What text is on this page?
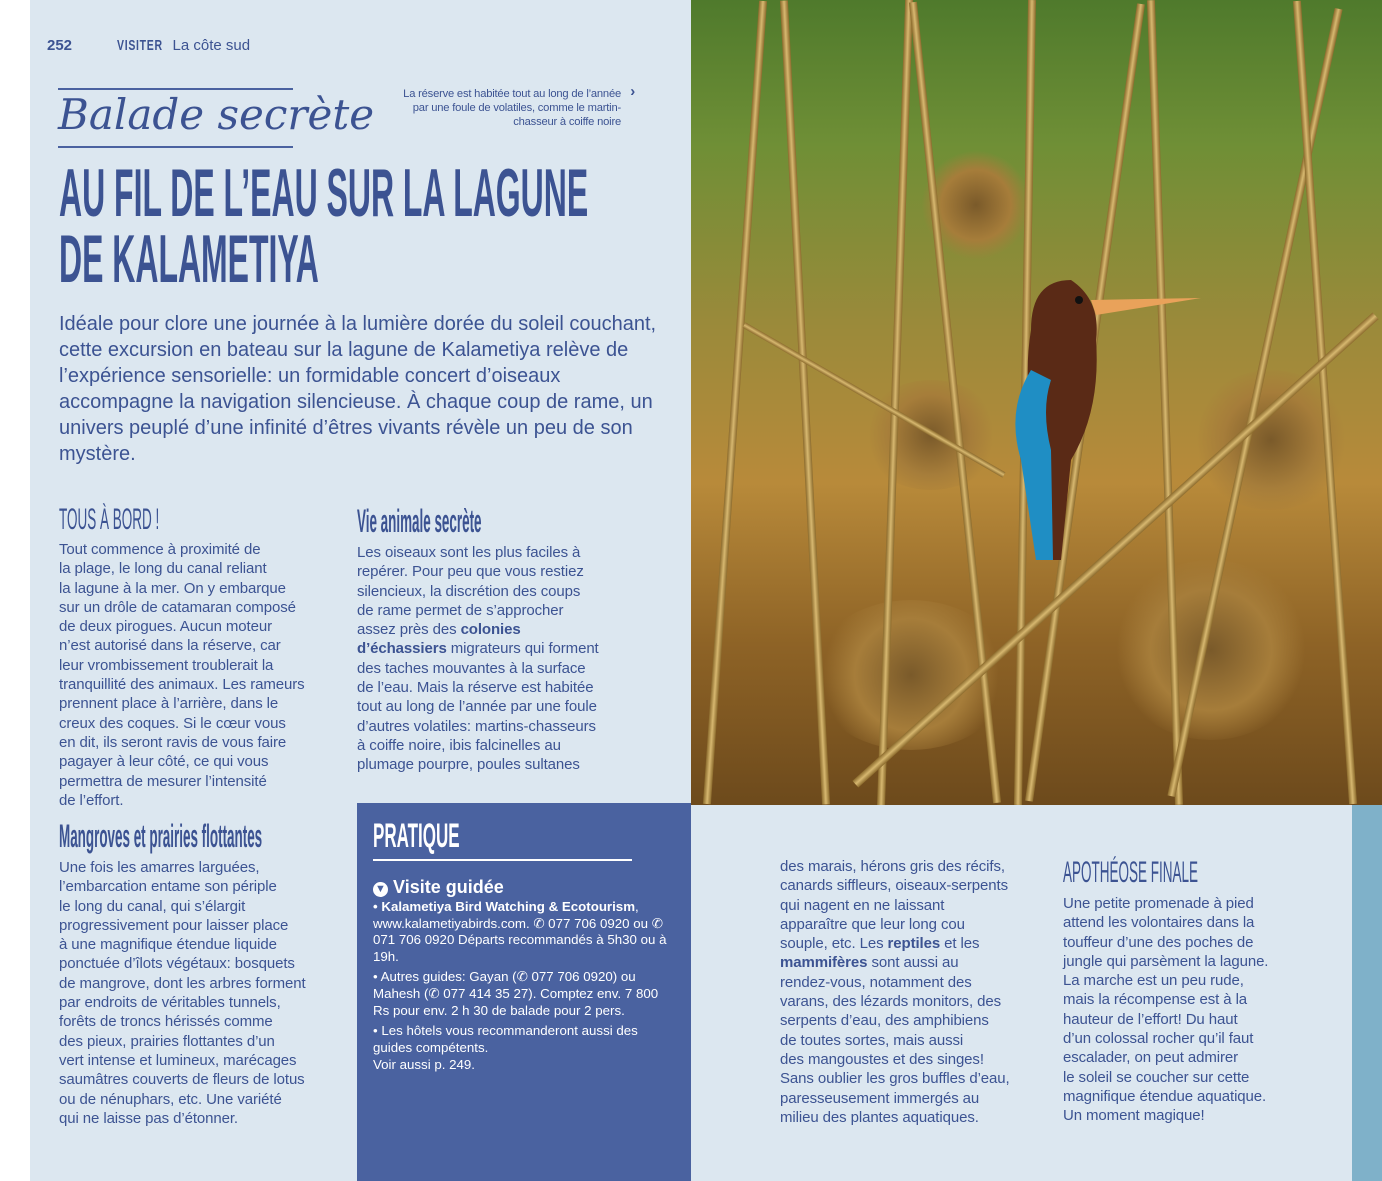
252	VISITER La côte sud
Balade secrète	La réserve est habitée tout au long de l’année par une foule de volatiles, comme le martin-chasseur à coiffe noire
›
AU FIL DE L’EAU SUR LA LAGUNE
DE KALAMETIYA
Idéale pour clore une journée à la lumière dorée du soleil couchant, cette excursion en bateau sur la lagune de Kalametiya relève de l’expérience sensorielle: un formidable concert d’oiseaux accompagne la navigation silencieuse. À chaque coup de rame, un univers peuplé d’une infinité d’êtres vivants révèle un peu de son mystère.
TOUS À BORD !
Tout commence à proximité de
la plage, le long du canal reliant
la lagune à la mer. On y embarque
sur un drôle de catamaran composé
de deux pirogues. Aucun moteur
n’est autorisé dans la réserve, car
leur vrombissement troublerait la
tranquillité des animaux. Les rameurs
prennent place à l’arrière, dans le
creux des coques. Si le cœur vous
en dit, ils seront ravis de vous faire
pagayer à leur côté, ce qui vous
permettra de mesurer l’intensité
de l’effort.
Mangroves et prairies flottantes
Une fois les amarres larguées,
l’embarcation entame son périple
le long du canal, qui s’élargit
progressivement pour laisser place
à une magnifique étendue liquide
ponctuée d’îlots végétaux: bosquets
de mangrove, dont les arbres forment
par endroits de véritables tunnels,
forêts de troncs hérissés comme
des pieux, prairies flottantes d’un
vert intense et lumineux, marécages
saumâtres couverts de fleurs de lotus
ou de nénuphars, etc. Une variété
qui ne laisse pas d’étonner.
Vie animale secrète
Les oiseaux sont les plus faciles à
repérer. Pour peu que vous restiez
silencieux, la discrétion des coups
de rame permet de s’approcher
assez près des colonies
d’échassiers migrateurs qui forment
des taches mouvantes à la surface
de l’eau. Mais la réserve est habitée
tout au long de l’année par une foule
d’autres volatiles: martins-chasseurs
à coiffe noire, ibis falcinelles au
plumage pourpre, poules sultanes
PRATIQUE
▼ Visite guidée

• Kalametiya Bird Watching & Ecotourism, www.kalametiyabirds.com. ✆ 077 706 0920 ou ✆ 071 706 0920 Départs recommandés à 5h30 ou à 19h.

• Autres guides: Gayan (✆ 077 706 0920) ou Mahesh (✆ 077 414 35 27). Comptez env. 7 800 Rs pour env. 2 h 30 de balade pour 2 pers.

• Les hôtels vous recommanderont aussi des guides compétents.

Voir aussi p. 249.

des marais, hérons gris des récifs,
canards siffleurs, oiseaux-serpents
qui nagent en ne laissant
apparaître que leur long cou
souple, etc. Les reptiles et les
mammifères sont aussi au
rendez-vous, notamment des
varans, des lézards monitors, des
serpents d’eau, des amphibiens
de toutes sortes, mais aussi
des mangoustes et des singes!
Sans oublier les gros buffles d’eau,
paresseusement immergés au
milieu des plantes aquatiques.
APOTHÉOSE FINALE
Une petite promenade à pied
attend les volontaires dans la
touffeur d’une des poches de
jungle qui parsèment la lagune.
La marche est un peu rude,
mais la récompense est à la
hauteur de l’effort! Du haut
d’un colossal rocher qu’il faut
escalader, on peut admirer
le soleil se coucher sur cette
magnifique étendue aquatique.
Un moment magique!
